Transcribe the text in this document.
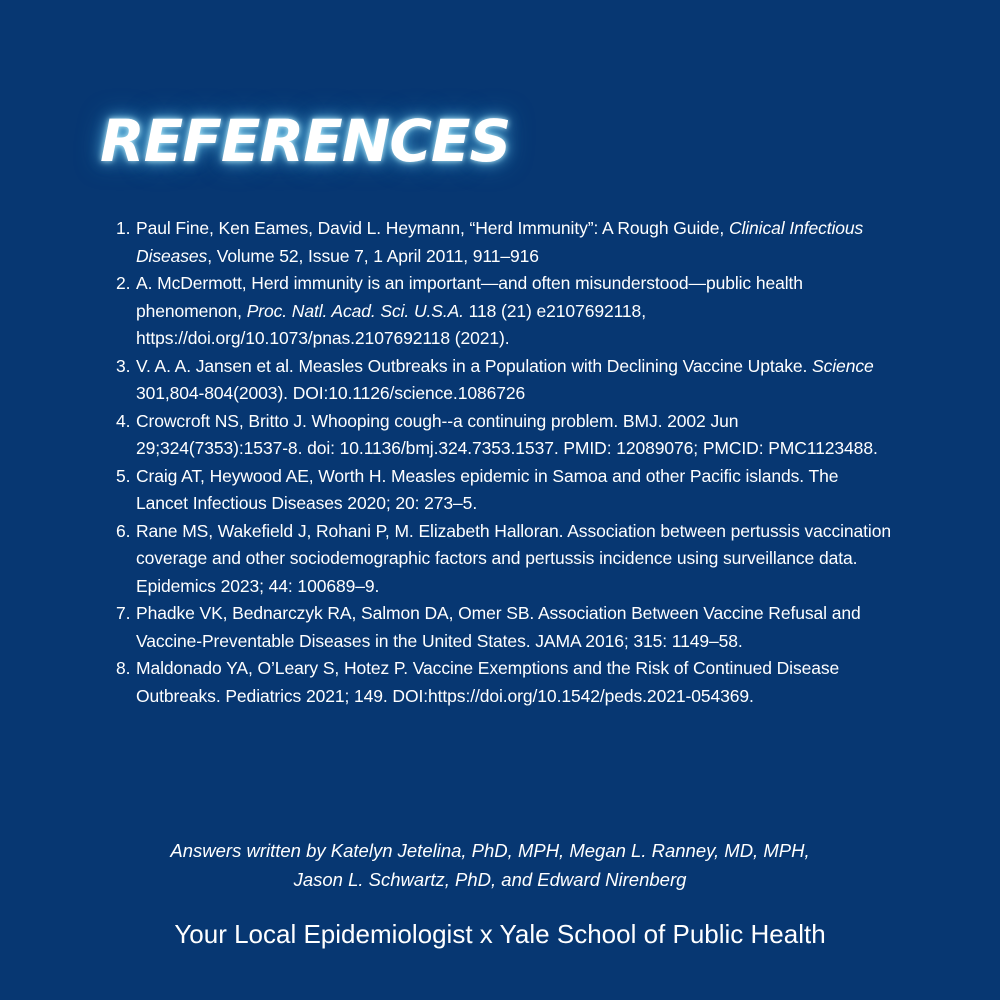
REFERENCES
1. Paul Fine, Ken Eames, David L. Heymann, “Herd Immunity”: A Rough Guide, Clinical Infectious Diseases, Volume 52, Issue 7, 1 April 2011, 911–916
2. A. McDermott, Herd immunity is an important—and often misunderstood—public health phenomenon, Proc. Natl. Acad. Sci. U.S.A. 118 (21) e2107692118, https://doi.org/10.1073/pnas.2107692118 (2021).
3. V. A. A. Jansen et al. Measles Outbreaks in a Population with Declining Vaccine Uptake. Science 301,804-804(2003). DOI:10.1126/science.1086726
4. Crowcroft NS, Britto J. Whooping cough--a continuing problem. BMJ. 2002 Jun 29;324(7353):1537-8. doi: 10.1136/bmj.324.7353.1537. PMID: 12089076; PMCID: PMC1123488.
5. Craig AT, Heywood AE, Worth H. Measles epidemic in Samoa and other Pacific islands. The Lancet Infectious Diseases 2020; 20: 273–5.
6. Rane MS, Wakefield J, Rohani P, M. Elizabeth Halloran. Association between pertussis vaccination coverage and other sociodemographic factors and pertussis incidence using surveillance data. Epidemics 2023; 44: 100689–9.
7. Phadke VK, Bednarczyk RA, Salmon DA, Omer SB. Association Between Vaccine Refusal and Vaccine-Preventable Diseases in the United States. JAMA 2016; 315: 1149–58.
8. Maldonado YA, O’Leary S, Hotez P. Vaccine Exemptions and the Risk of Continued Disease Outbreaks. Pediatrics 2021; 149. DOI:https://doi.org/10.1542/peds.2021-054369.
Answers written by Katelyn Jetelina, PhD, MPH, Megan L. Ranney, MD, MPH,
Jason L. Schwartz, PhD, and Edward Nirenberg
Your Local Epidemiologist x Yale School of Public Health
